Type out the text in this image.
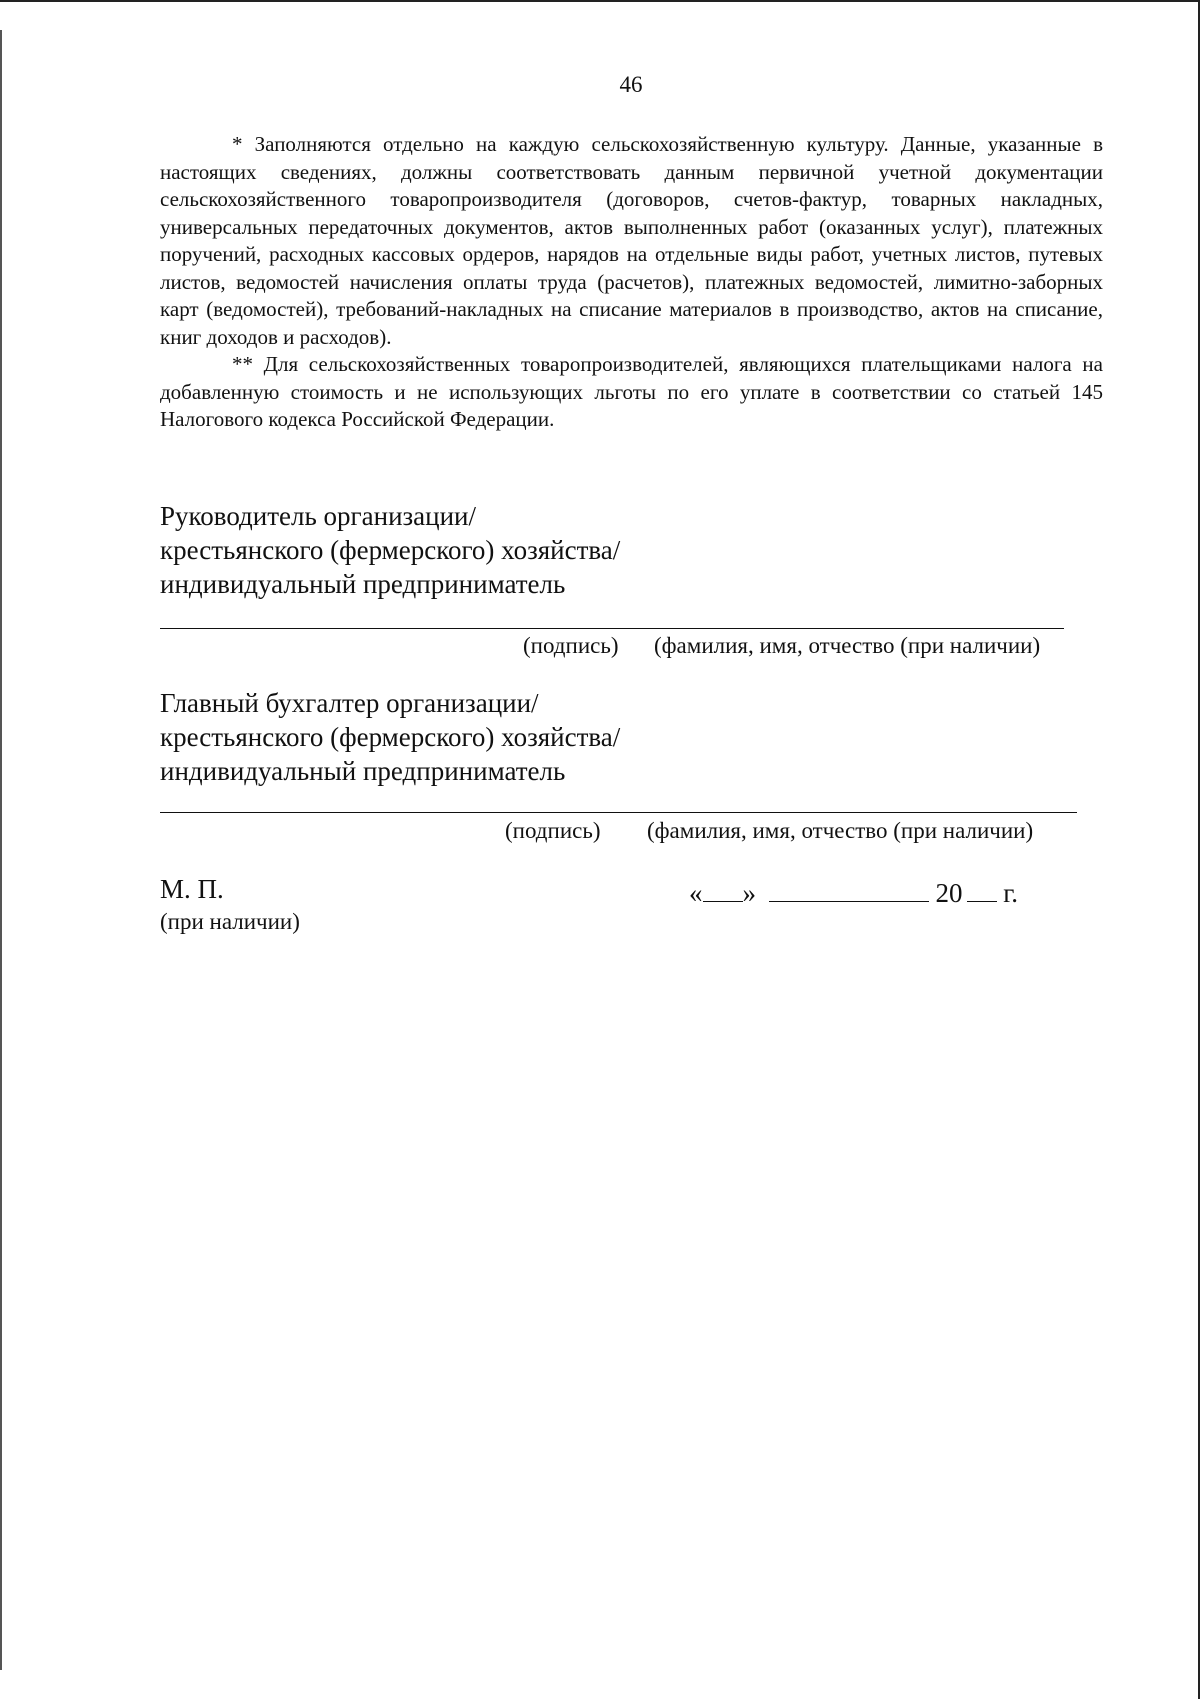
46

* Заполняются отдельно на каждую сельскохозяйственную культуру. Данные, указанные в настоящих сведениях, должны соответствовать данным первичной учетной документации сельскохозяйственного товаропроизводителя (договоров, счетов-фактур, товарных накладных, универсальных передаточных документов, актов выполненных работ (оказанных услуг), платежных поручений, расходных кассовых ордеров, нарядов на отдельные виды работ, учетных листов, путевых листов, ведомостей начисления оплаты труда (расчетов), платежных ведомостей, лимитно-заборных карт (ведомостей), требований-накладных на списание материалов в производство, актов на списание, книг доходов и расходов).

** Для сельскохозяйственных товаропроизводителей, являющихся плательщиками налога на добавленную стоимость и не использующих льготы по его уплате в соответствии со статьей 145 Налогового кодекса Российской Федерации.

Руководитель организации/
крестьянского (фермерского) хозяйства/
индивидуальный предприниматель
(подпись) (фамилия, имя, отчество (при наличии)
Главный бухгалтер организации/
крестьянского (фермерского) хозяйства/
индивидуальный предприниматель
(подпись) (фамилия, имя, отчество (при наличии)
М. П.
(при наличии)
« »	20 г.
